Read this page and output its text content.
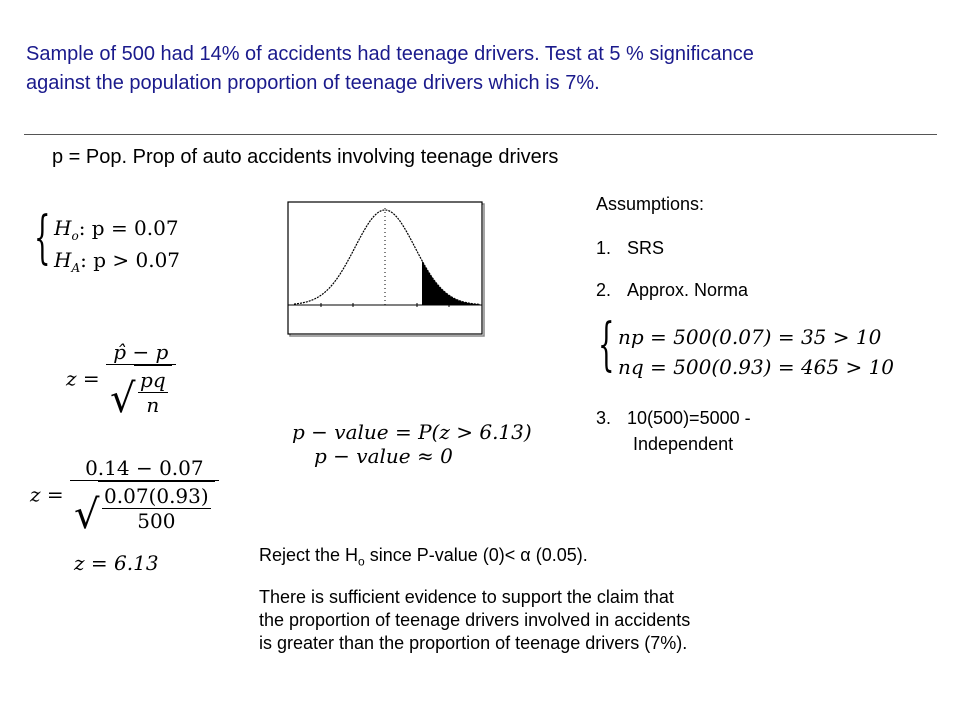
Sample of 500 had 14% of accidents had teenage drivers. Test at 5 % significance
against the population proportion of teenage drivers which is 7%.
p = Pop. Prop of auto accidents involving teenage drivers
{ $H_o$: p = 0.07
$H_A$: p > 0.07
$z = \frac{p̂ - p}{√ \frac{pq}{n}}$
$z = \frac{0.14 - 0.07}{√ \frac{0.07(0.93)}{500}}$
z = 6.13
p − value = P(z > 6.13)
p − value ≈ 0
Assumptions:
1. SRS
2. Approx. Norma
3. 10(500)=5000 -
Independent
{ np = 500(0.07) = 35 > 10
nq = 500(0.93) = 465 > 10

Reject the $H_o$ since P-value (0)< α (0.05).

There is sufficient evidence to support the claim that
the proportion of teenage drivers involved in accidents
is greater than the proportion of teenage drivers (7%).
